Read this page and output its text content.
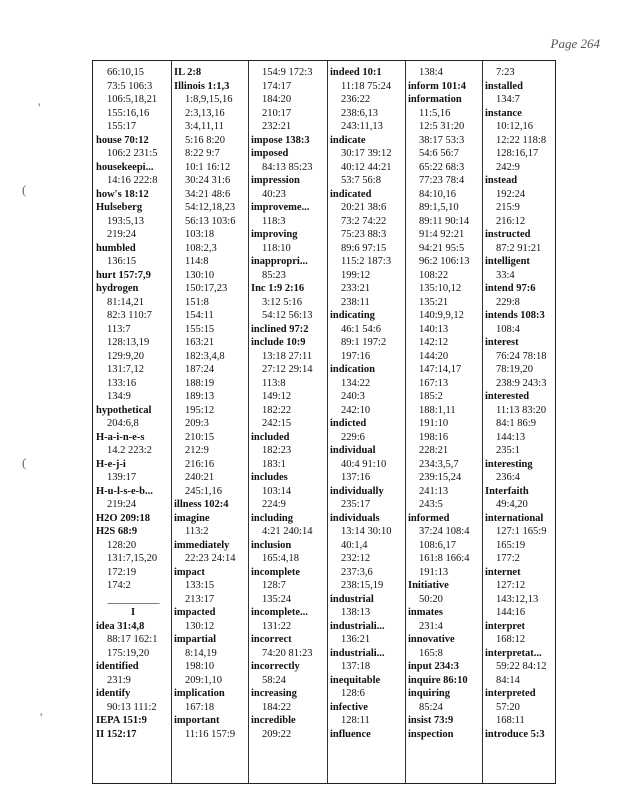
Page 264
'
(
(
'
66:10,15
73:5 106:3
106:5,18,21
155:16,16
155:17
house 70:12
106:2 231:5
housekeepi...
14:16 222:8
how's 18:12
Hulseberg
193:5,13
219:24
humbled
136:15
hurt 157:7,9
hydrogen
81:14,21
82:3 110:7
113:7
128:13,19
129:9,20
131:7,12
133:16
134:9
hypothetical
204:6,8
H-a-i-n-e-s
14.2 223:2
H-e-j-i
139:17
H-u-l-s-e-b...
219:24
H2O 209:18
H2S 68:9
128:20
131:7,15,20
172:19
174:2
____________
I
idea 31:4,8
88:17 162:1
175:19,20
identified
231:9
identify
90:13 111:2
IEPA 151:9
II 152:17
IL 2:8
Illinois 1:1,3
1:8,9,15,16
2:3,13,16
3:4,11,11
5:16 8:20
8:22 9:7
10:1 16:12
30:24 31:6
34:21 48:6
54:12,18,23
56:13 103:6
103:18
108:2,3
114:8
130:10
150:17,23
151:8
154:11
155:15
163:21
182:3,4,8
187:24
188:19
189:13
195:12
209:3
210:15
212:9
216:16
240:21
245:1,16
illness 102:4
imagine
113:2
immediately
22:23 24:14
impact
133:15
213:17
impacted
130:12
impartial
8:14,19
198:10
209:1,10
implication
167:18
important
11:16 157:9
154:9 172:3
174:17
184:20
210:17
232:21
impose 138:3
imposed
84:13 85:23
impression
40:23
improveme...
118:3
improving
118:10
inappropri...
85:23
Inc 1:9 2:16
3:12 5:16
54:12 56:13
inclined 97:2
include 10:9
13:18 27:11
27:12 29:14
113:8
149:12
182:22
242:15
included
182:23
183:1
includes
103:14
224:9
including
4:21 240:14
inclusion
165:4,18
incomplete
128:7
135:24
incomplete...
131:22
incorrect
74:20 81:23
incorrectly
58:24
increasing
184:22
incredible
209:22
indeed 10:1
11:18 75:24
236:22
238:6,13
243:11,13
indicate
30:17 39:12
40:12 44:21
53:7 56:8
indicated
20:21 38:6
73:2 74:22
75:23 88:3
89:6 97:15
115:2 187:3
199:12
233:21
238:11
indicating
46:1 54:6
89:1 197:2
197:16
indication
134:22
240:3
242:10
indicted
229:6
individual
40:4 91:10
137:16
individually
235:17
individuals
13:14 30:10
40:1,4
232:12
237:3,6
238:15,19
industrial
138:13
industriali...
136:21
industriali...
137:18
inequitable
128:6
infective
128:11
influence
138:4
inform 101:4
information
11:5,16
12:5 31:20
38:17 53:3
54:6 56:7
65:22 68:3
77:23 78:4
84:10,16
89:1,5,10
89:11 90:14
91:4 92:21
94:21 95:5
96:2 106:13
108:22
135:10,12
135:21
140:9,9,12
140:13
142:12
144:20
147:14,17
167:13
185:2
188:1,11
191:10
198:16
228:21
234:3,5,7
239:15,24
241:13
243:5
informed
37:24 108:4
108:6,17
161:8 166:4
191:13
Initiative
50:20
inmates
231:4
innovative
165:8
input 234:3
inquire 86:10
inquiring
85:24
insist 73:9
inspection
7:23
installed
134:7
instance
10:12,16
12:22 118:8
128:16,17
242:9
instead
192:24
215:9
216:12
instructed
87:2 91:21
intelligent
33:4
intend 97:6
229:8
intends 108:3
108:4
interest
76:24 78:18
78:19,20
238:9 243:3
interested
11:13 83:20
84:1 86:9
144:13
235:1
interesting
236:4
Interfaith
49:4,20
international
127:1 165:9
165:19
177:2
internet
127:12
143:12,13
144:16
interpret
168:12
interpretat...
59:22 84:12
84:14
interpreted
57:20
168:11
introduce 5:3
